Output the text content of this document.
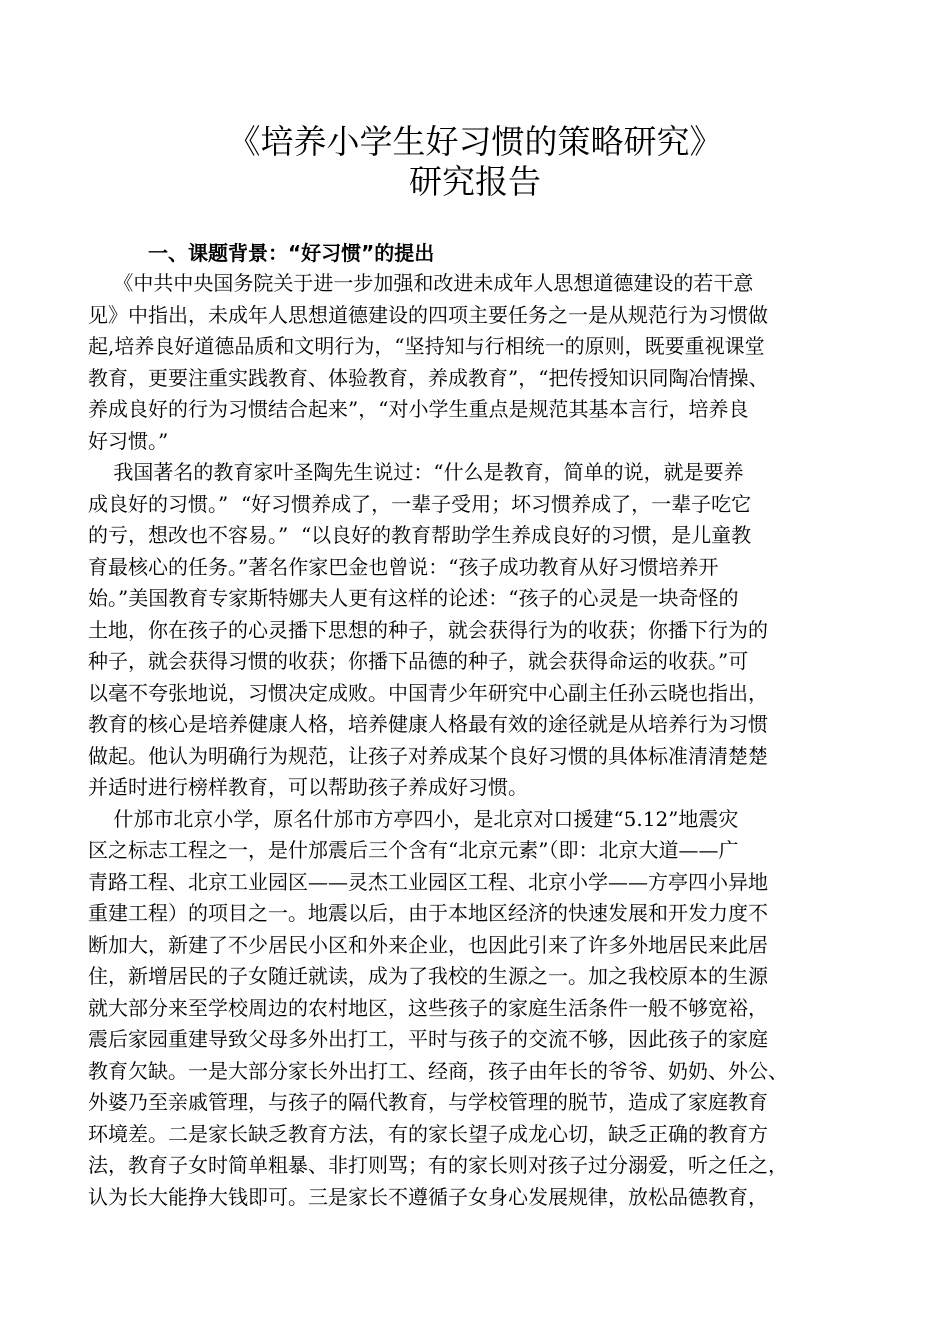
《培养小学生好习惯的策略研究》
研究报告
一、课题背景：“好习惯”的提出
《中共中央国务院关于进一步加强和改进未成年人思想道德建设的若干意
见》中指出，未成年人思想道德建设的四项主要任务之一是从规范行为习惯做
起,培养良好道德品质和文明行为，“坚持知与行相统一的原则，既要重视课堂
教育，更要注重实践教育、体验教育，养成教育”，“把传授知识同陶冶情操、
养成良好的行为习惯结合起来”，“对小学生重点是规范其基本言行，培养良
好习惯。”
我国著名的教育家叶圣陶先生说过：“什么是教育，简单的说，就是要养
成良好的习惯。”  “好习惯养成了，一辈子受用；坏习惯养成了，一辈子吃它
的亏，想改也不容易。”  “以良好的教育帮助学生养成良好的习惯，是儿童教
育最核心的任务。”著名作家巴金也曾说：“孩子成功教育从好习惯培养开
始。”美国教育专家斯特娜夫人更有这样的论述：“孩子的心灵是一块奇怪的
土地，你在孩子的心灵播下思想的种子，就会获得行为的收获；你播下行为的
种子，就会获得习惯的收获；你播下品德的种子，就会获得命运的收获。”可
以毫不夸张地说，习惯决定成败。中国青少年研究中心副主任孙云晓也指出，
教育的核心是培养健康人格，培养健康人格最有效的途径就是从培养行为习惯
做起。他认为明确行为规范，让孩子对养成某个良好习惯的具体标准清清楚楚
并适时进行榜样教育，可以帮助孩子养成好习惯。
什邡市北京小学，原名什邡市方亭四小，是北京对口援建“5.12”地震灾
区之标志工程之一，是什邡震后三个含有“北京元素”（即：北京大道——广
青路工程、北京工业园区——灵杰工业园区工程、北京小学——方亭四小异地
重建工程）的项目之一。地震以后，由于本地区经济的快速发展和开发力度不
断加大，新建了不少居民小区和外来企业，也因此引来了许多外地居民来此居
住，新增居民的子女随迁就读，成为了我校的生源之一。加之我校原本的生源
就大部分来至学校周边的农村地区，这些孩子的家庭生活条件一般不够宽裕，
震后家园重建导致父母多外出打工，平时与孩子的交流不够，因此孩子的家庭
教育欠缺。一是大部分家长外出打工、经商，孩子由年长的爷爷、奶奶、外公、
外婆乃至亲戚管理，与孩子的隔代教育，与学校管理的脱节，造成了家庭教育
环境差。二是家长缺乏教育方法，有的家长望子成龙心切，缺乏正确的教育方
法，教育子女时简单粗暴、非打则骂；有的家长则对孩子过分溺爱，听之任之，
认为长大能挣大钱即可。三是家长不遵循子女身心发展规律，放松品德教育，
